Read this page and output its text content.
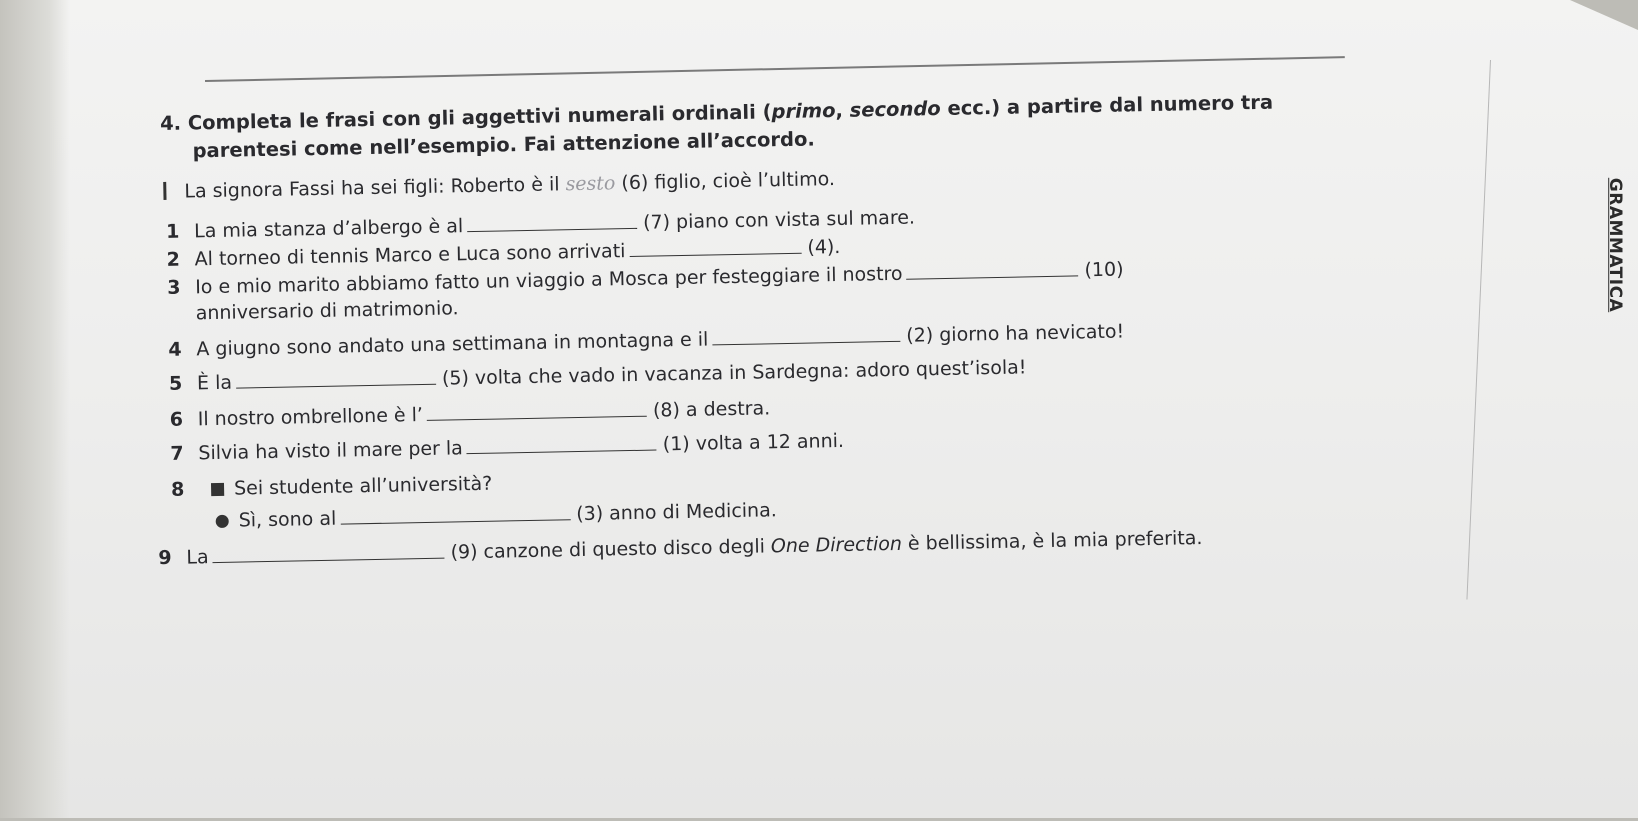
4. Completa le frasi con gli aggettivi numerali ordinali (primo, secondo ecc.) a partire dal numero tra
parentesi come nell’esempio. Fai attenzione all’accordo.
La signora Fassi ha sei figli: Roberto è il sesto (6) figlio, cioè l’ultimo.
1 La mia stanza d’albergo è al	(7) piano con vista sul mare.
2 Al torneo di tennis Marco e Luca sono arrivati	(4).
3 Io e mio marito abbiamo fatto un viaggio a Mosca per festeggiare il nostro	(10)
anniversario di matrimonio.
4 A giugno sono andato una settimana in montagna e il	(2) giorno ha nevicato!
5 È la	(5) volta che vado in vacanza in Sardegna: adoro quest’isola!
6 Il nostro ombrellone è l’	(8) a destra.
7 Silvia ha visto il mare per la	(1) volta a 12 anni.
8	Sei studente all’università?
Sì, sono al	(3) anno di Medicina.
9 La	(9) canzone di questo disco degli One Direction è bellissima, è la mia preferita.
GRAMMATICA
